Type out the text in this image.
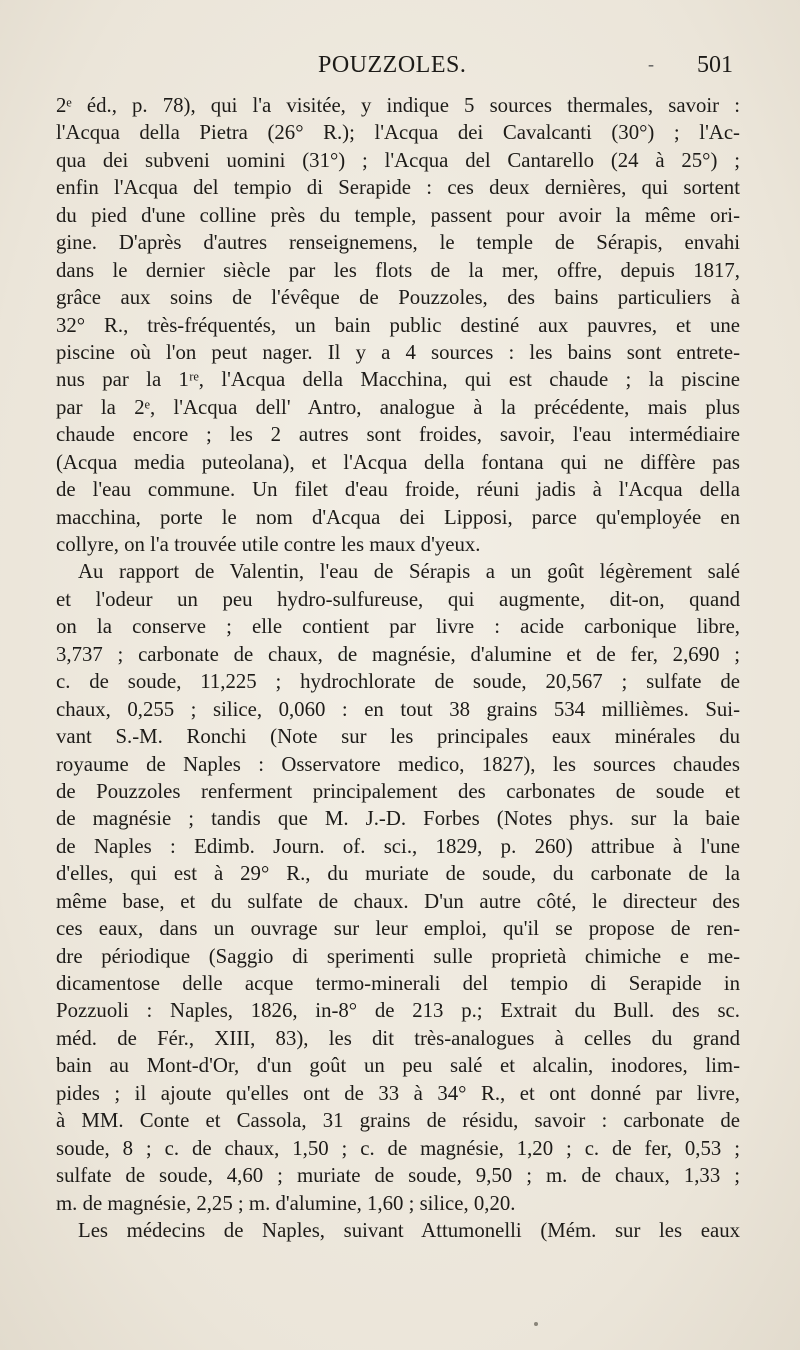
POUZZOLES.	- 501
2ᵉ éd., p. 78), qui l'a visitée, y indique 5 sources thermales, savoir :
l'Acqua della Pietra (26° R.); l'Acqua dei Cavalcanti (30°) ; l'Ac-
qua dei subveni uomini (31°) ; l'Acqua del Cantarello (24 à 25°) ;
enfin l'Acqua del tempio di Serapide : ces deux dernières, qui sortent
du pied d'une colline près du temple, passent pour avoir la même ori-
gine. D'après d'autres renseignemens, le temple de Sérapis, envahi
dans le dernier siècle par les flots de la mer, offre, depuis 1817,
grâce aux soins de l'évêque de Pouzzoles, des bains particuliers à
32° R., très-fréquentés, un bain public destiné aux pauvres, et une
piscine où l'on peut nager. Il y a 4 sources : les bains sont entrete-
nus par la 1ʳᵉ, l'Acqua della Macchina, qui est chaude ; la piscine
par la 2ᵉ, l'Acqua dell' Antro, analogue à la précédente, mais plus
chaude encore ; les 2 autres sont froides, savoir, l'eau intermédiaire
(Acqua media puteolana), et l'Acqua della fontana qui ne diffère pas
de l'eau commune. Un filet d'eau froide, réuni jadis à l'Acqua della
macchina, porte le nom d'Acqua dei Lipposi, parce qu'employée en
collyre, on l'a trouvée utile contre les maux d'yeux.
Au rapport de Valentin, l'eau de Sérapis a un goût légèrement salé
et l'odeur un peu hydro-sulfureuse, qui augmente, dit-on, quand
on la conserve ; elle contient par livre : acide carbonique libre,
3,737 ; carbonate de chaux, de magnésie, d'alumine et de fer, 2,690 ;
c. de soude, 11,225 ; hydrochlorate de soude, 20,567 ; sulfate de
chaux, 0,255 ; silice, 0,060 : en tout 38 grains 534 millièmes. Sui-
vant S.-M. Ronchi (Note sur les principales eaux minérales du
royaume de Naples : Osservatore medico, 1827), les sources chaudes
de Pouzzoles renferment principalement des carbonates de soude et
de magnésie ; tandis que M. J.-D. Forbes (Notes phys. sur la baie
de Naples : Edimb. Journ. of. sci., 1829, p. 260) attribue à l'une
d'elles, qui est à 29° R., du muriate de soude, du carbonate de la
même base, et du sulfate de chaux. D'un autre côté, le directeur des
ces eaux, dans un ouvrage sur leur emploi, qu'il se propose de ren-
dre périodique (Saggio di sperimenti sulle proprietà chimiche e me-
dicamentose delle acque termo-minerali del tempio di Serapide in
Pozzuoli : Naples, 1826, in-8° de 213 p.; Extrait du Bull. des sc.
méd. de Fér., XIII, 83), les dit très-analogues à celles du grand
bain au Mont-d'Or, d'un goût un peu salé et alcalin, inodores, lim-
pides ; il ajoute qu'elles ont de 33 à 34° R., et ont donné par livre,
à MM. Conte et Cassola, 31 grains de résidu, savoir : carbonate de
soude, 8 ; c. de chaux, 1,50 ; c. de magnésie, 1,20 ; c. de fer, 0,53 ;
sulfate de soude, 4,60 ; muriate de soude, 9,50 ; m. de chaux, 1,33 ;
m. de magnésie, 2,25 ; m. d'alumine, 1,60 ; silice, 0,20.
Les médecins de Naples, suivant Attumonelli (Mém. sur les eaux
